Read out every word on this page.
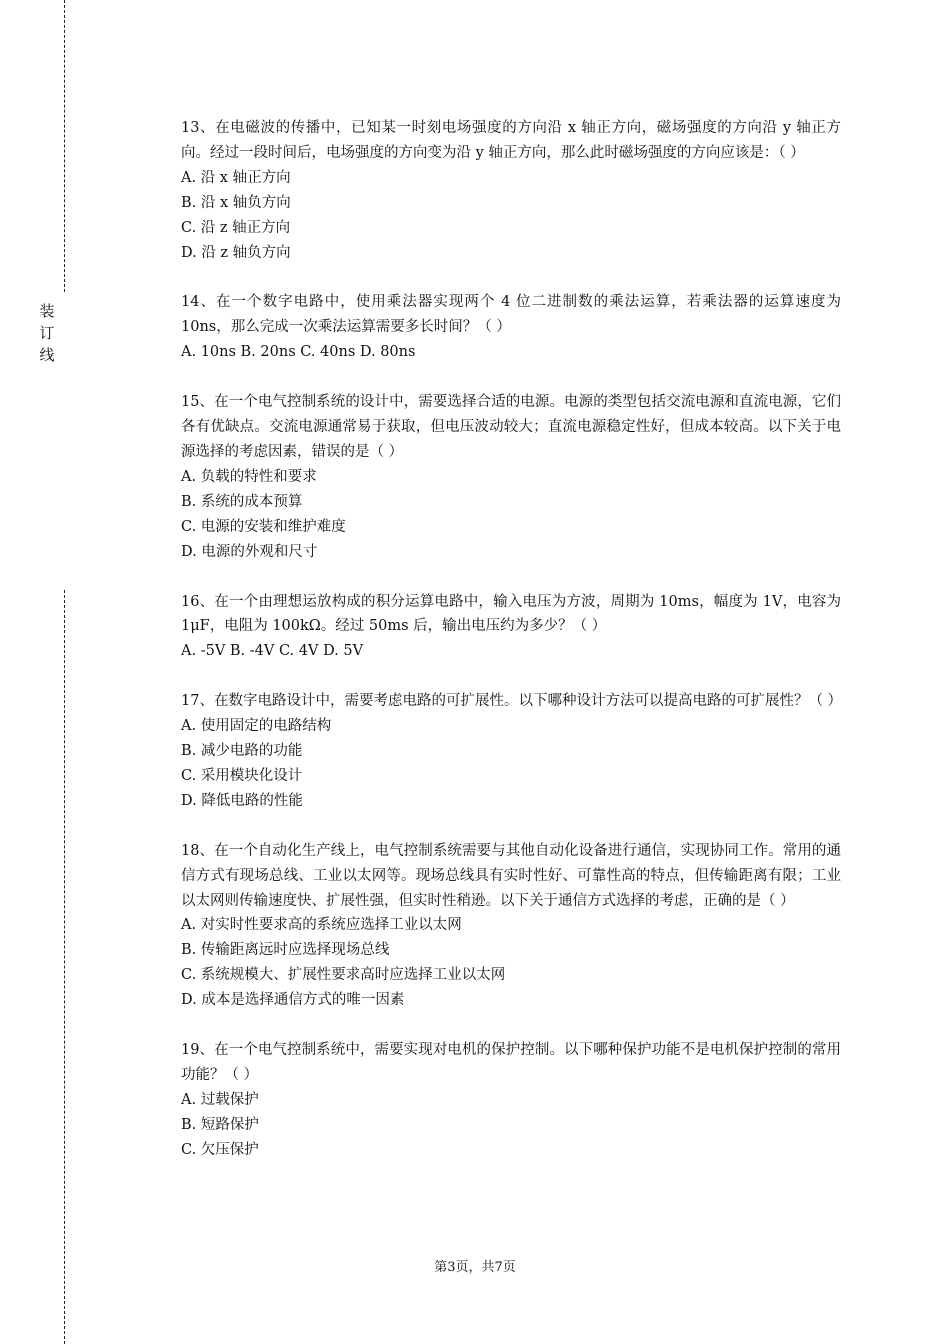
装
订
线
13、在电磁波的传播中，已知某一时刻电场强度的方向沿 x 轴正方向，磁场强度的方向沿 y 轴正方向。经过一段时间后，电场强度的方向变为沿 y 轴正方向，那么此时磁场强度的方向应该是：（ ）
A. 沿 x 轴正方向
B. 沿 x 轴负方向
C. 沿 z 轴正方向
D. 沿 z 轴负方向
14、在一个数字电路中，使用乘法器实现两个 4 位二进制数的乘法运算，若乘法器的运算速度为 10ns，那么完成一次乘法运算需要多长时间？（ ）
A. 10ns B. 20ns C. 40ns D. 80ns
15、在一个电气控制系统的设计中，需要选择合适的电源。电源的类型包括交流电源和直流电源，它们各有优缺点。交流电源通常易于获取，但电压波动较大；直流电源稳定性好，但成本较高。以下关于电源选择的考虑因素，错误的是（ ）
A. 负载的特性和要求
B. 系统的成本预算
C. 电源的安装和维护难度
D. 电源的外观和尺寸
16、在一个由理想运放构成的积分运算电路中，输入电压为方波，周期为 10ms，幅度为 1V，电容为 1μF，电阻为 100kΩ。经过 50ms 后，输出电压约为多少？（ ）
A. -5V B. -4V C. 4V D. 5V
17、在数字电路设计中，需要考虑电路的可扩展性。以下哪种设计方法可以提高电路的可扩展性？（ ）
A. 使用固定的电路结构
B. 减少电路的功能
C. 采用模块化设计
D. 降低电路的性能
18、在一个自动化生产线上，电气控制系统需要与其他自动化设备进行通信，实现协同工作。常用的通信方式有现场总线、工业以太网等。现场总线具有实时性好、可靠性高的特点，但传输距离有限；工业以太网则传输速度快、扩展性强，但实时性稍逊。以下关于通信方式选择的考虑，正确的是（ ）
A. 对实时性要求高的系统应选择工业以太网
B. 传输距离远时应选择现场总线
C. 系统规模大、扩展性要求高时应选择工业以太网
D. 成本是选择通信方式的唯一因素
19、在一个电气控制系统中，需要实现对电机的保护控制。以下哪种保护功能不是电机保护控制的常用功能？（ ）
A. 过载保护
B. 短路保护
C. 欠压保护
第3页，共7页
